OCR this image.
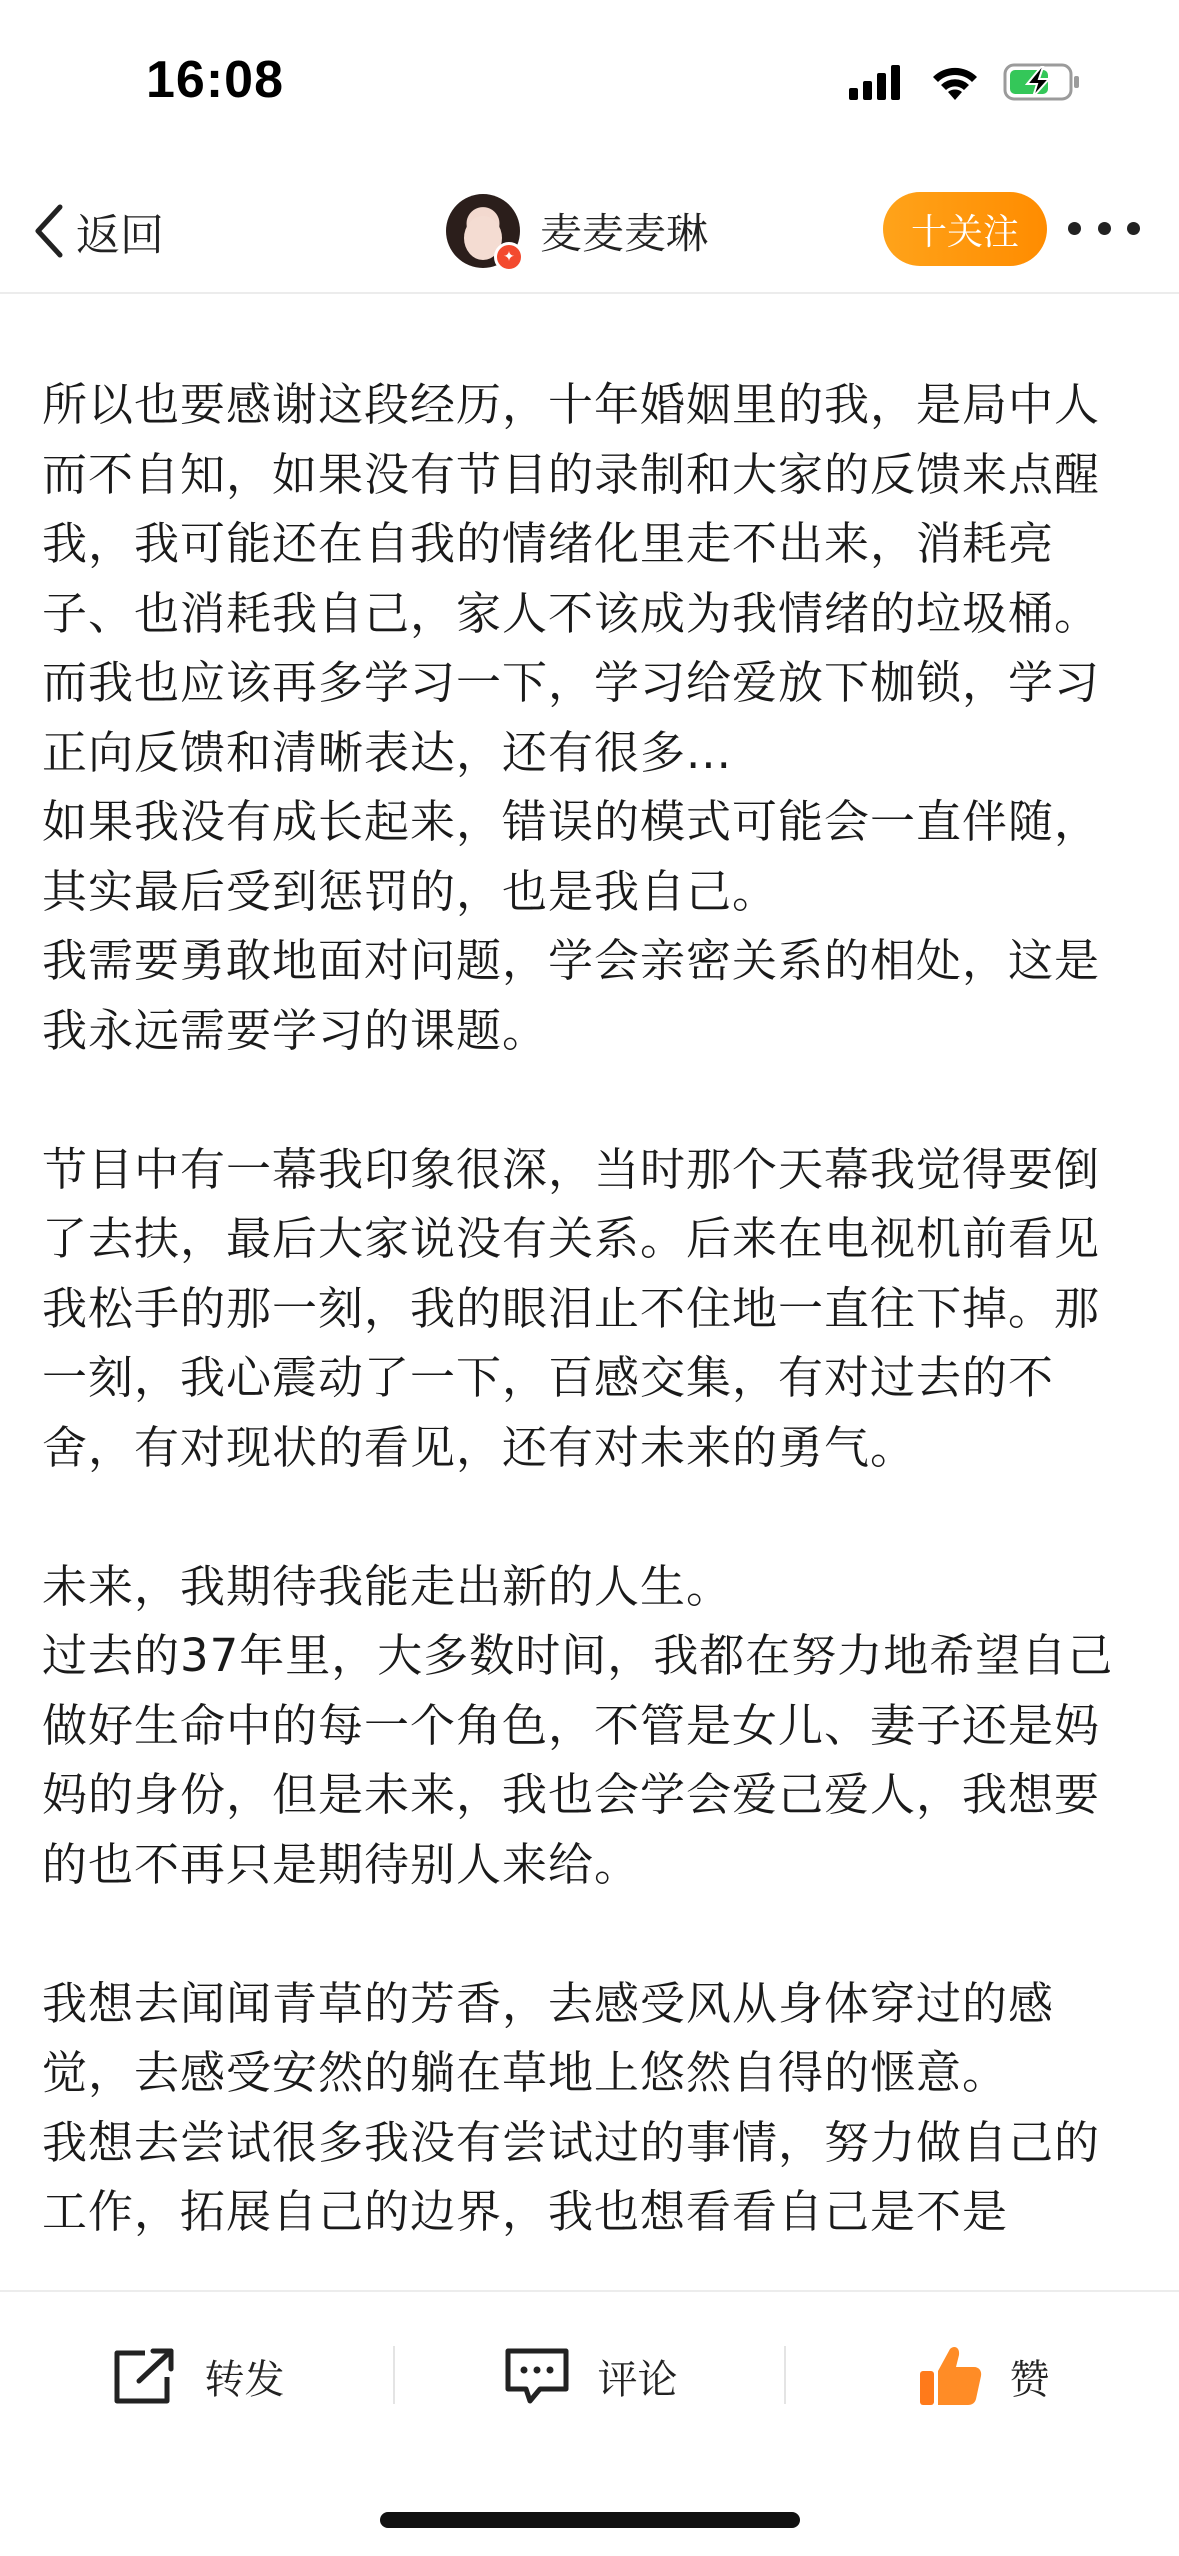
16:08
返回	✦ 麦麦麦琳	十关注

所以也要感谢这段经历，十年婚姻里的我，是局中人而不自知，如果没有节目的录制和大家的反馈来点醒我，我可能还在自我的情绪化里走不出来，消耗亮子、也消耗我自己，家人不该成为我情绪的垃圾桶。

而我也应该再多学习一下，学习给爱放下枷锁，学习正向反馈和清晰表达，还有很多...

如果我没有成长起来，错误的模式可能会一直伴随，其实最后受到惩罚的，也是我自己。

我需要勇敢地面对问题，学会亲密关系的相处，这是我永远需要学习的课题。

节目中有一幕我印象很深，当时那个天幕我觉得要倒了去扶，最后大家说没有关系。后来在电视机前看见我松手的那一刻，我的眼泪止不住地一直往下掉。那一刻，我心震动了一下，百感交集，有对过去的不舍，有对现状的看见，还有对未来的勇气。

未来，我期待我能走出新的人生。

过去的37年里，大多数时间，我都在努力地希望自己做好生命中的每一个角色，不管是女儿、妻子还是妈妈的身份，但是未来，我也会学会爱己爱人，我想要的也不再只是期待别人来给。

我想去闻闻青草的芳香，去感受风从身体穿过的感觉，去感受安然的躺在草地上悠然自得的惬意。

我想去尝试很多我没有尝试过的事情，努力做自己的工作，拓展自己的边界，我也想看看自己是不是

转发	评论	赞
